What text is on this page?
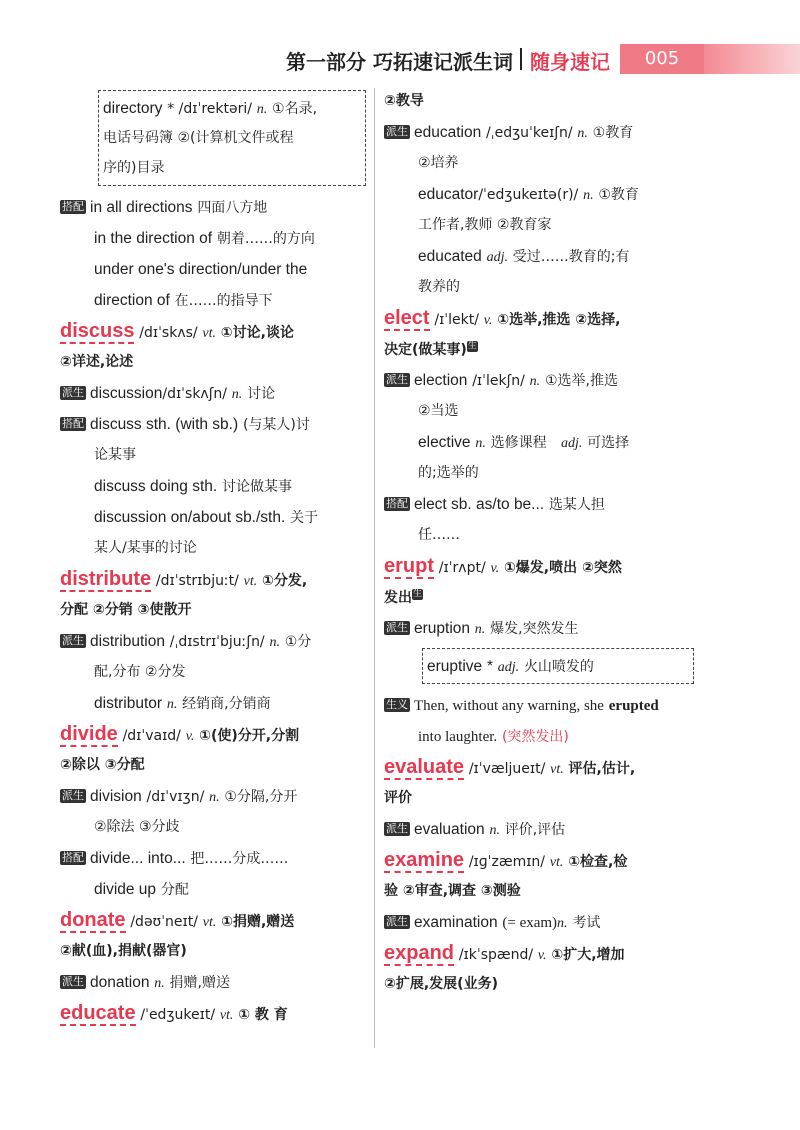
第一部分 巧拓速记派生词 随身速记	005
directory * /dɪˈrektəri/ n. ①名录,
电话号码簿 ②(计算机文件或程
序的)目录
搭配 in all directions 四面八方地
in the direction of 朝着……的方向
under one's direction/under the
direction of 在……的指导下
discuss /dɪˈskʌs/ vt. ①讨论,谈论
②详述,论述
派生 discussion/dɪˈskʌʃn/ n. 讨论
搭配 discuss sth. (with sb.) (与某人)讨
论某事
discuss doing sth. 讨论做某事
discussion on/about sb./sth. 关于
某人/某事的讨论
distribute /dɪˈstrɪbjuːt/ vt. ①分发,
分配 ②分销 ③使散开
派生 distribution /ˌdɪstrɪˈbjuːʃn/ n. ①分
配,分布 ②分发
distributor n. 经销商,分销商
divide /dɪˈvaɪd/ v. ①(使)分开,分割
②除以 ③分配
派生 division /dɪˈvɪʒn/ n. ①分隔,分开
②除法 ③分歧
搭配 divide... into... 把……分成……
divide up 分配
donate /dəʊˈneɪt/ vt. ①捐赠,赠送
②献(血),捐献(器官)
派生 donation n. 捐赠,赠送
educate /ˈedʒukeɪt/ vt. ① 教 育
②教导
派生 education /ˌedʒuˈkeɪʃn/ n. ①教育
②培养
educator/ˈedʒukeɪtə(r)/ n. ①教育
工作者,教师 ②教育家
educated adj. 受过……教育的;有
教养的
elect /ɪˈlekt/ v. ①选举,推选 ②选择,
决定(做某事)生
派生 election /ɪˈlekʃn/ n. ①选举,推选
②当选
elective n. 选修课程 adj. 可选择
的;选举的
搭配 elect sb. as/to be... 选某人担
任……
erupt /ɪˈrʌpt/ v. ①爆发,喷出 ②突然
发出生
派生 eruption n. 爆发,突然发生
eruptive * adj. 火山喷发的
生义 Then, without any warning, she erupted
into laughter. (突然发出)
evaluate /ɪˈvæljueɪt/ vt. 评估,估计,
评价
派生 evaluation n. 评价,评估
examine /ɪɡˈzæmɪn/ vt. ①检查,检
验 ②审查,调查 ③测验
派生 examination (= exam)n. 考试
expand /ɪkˈspænd/ v. ①扩大,增加
②扩展,发展(业务)
